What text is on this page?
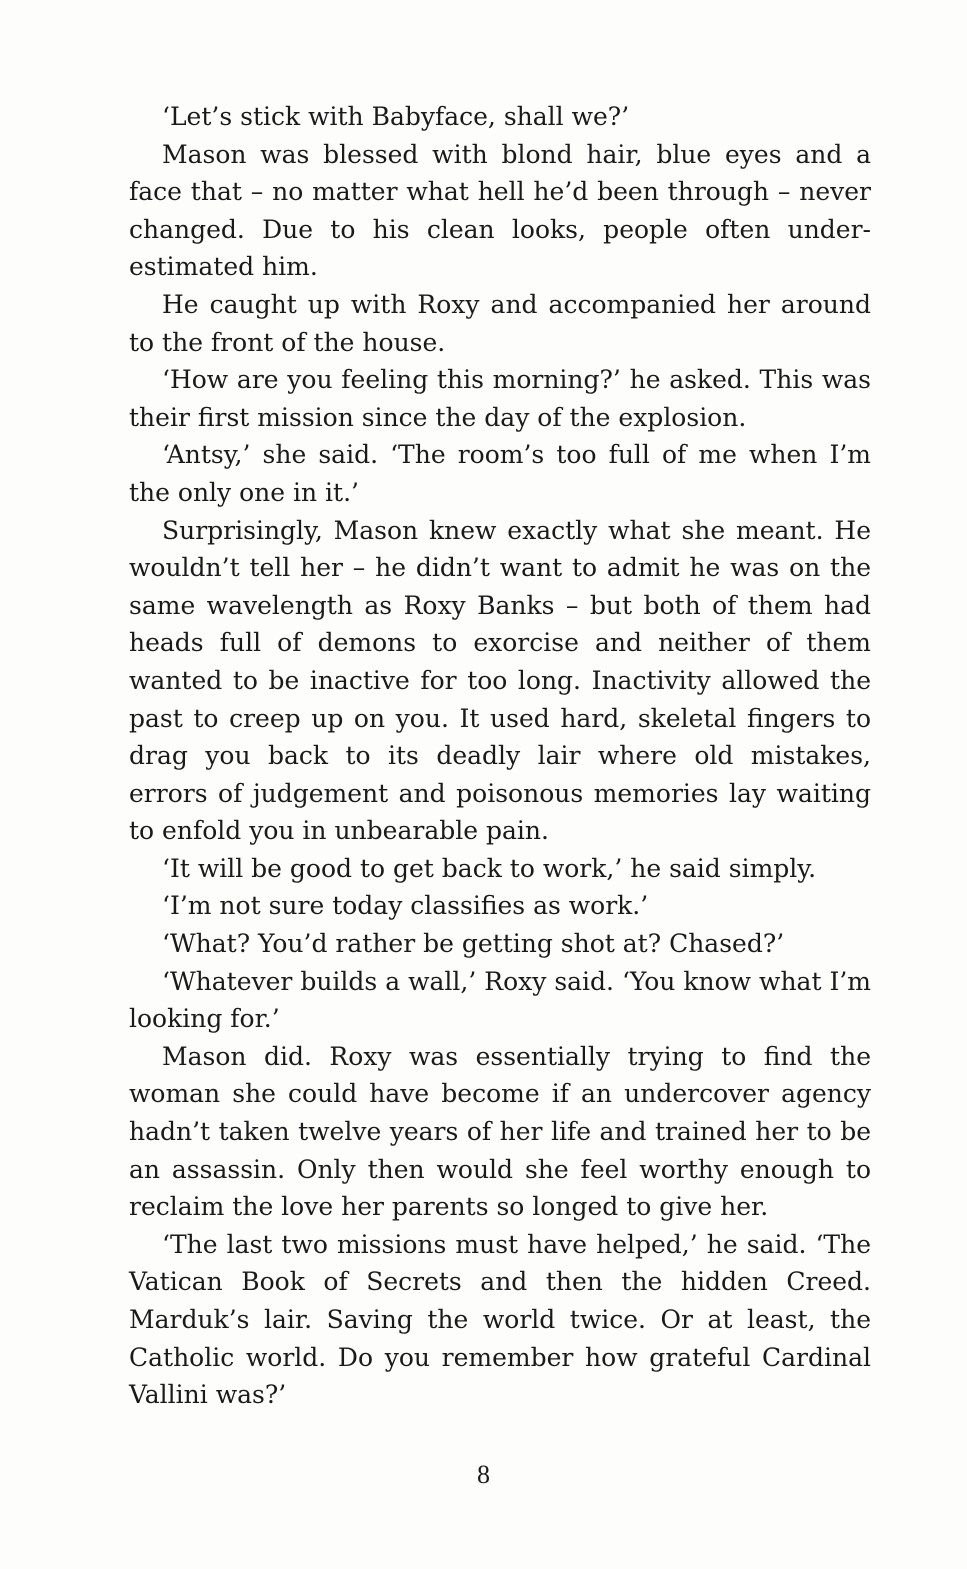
‘Let’s stick with Babyface, shall we?’

Mason was blessed with blond hair, blue eyes and a face that – no matter what hell he’d been through – never changed. Due to his clean looks, people often underestimated him.

He caught up with Roxy and accompanied her around to the front of the house.

‘How are you feeling this morning?’ he asked. This was their first mission since the day of the explosion.

‘Antsy,’ she said. ‘The room’s too full of me when I’m the only one in it.’

Surprisingly, Mason knew exactly what she meant. He wouldn’t tell her – he didn’t want to admit he was on the same wavelength as Roxy Banks – but both of them had heads full of demons to exorcise and neither of them wanted to be inactive for too long. Inactivity allowed the past to creep up on you. It used hard, skeletal fingers to drag you back to its deadly lair where old mistakes, errors of judgement and poisonous memories lay waiting to enfold you in unbearable pain.

‘It will be good to get back to work,’ he said simply.

‘I’m not sure today classifies as work.’

‘What? You’d rather be getting shot at? Chased?’

‘Whatever builds a wall,’ Roxy said. ‘You know what I’m looking for.’

Mason did. Roxy was essentially trying to find the woman she could have become if an undercover agency hadn’t taken twelve years of her life and trained her to be an assassin. Only then would she feel worthy enough to reclaim the love her parents so longed to give her.

‘The last two missions must have helped,’ he said. ‘The Vatican Book of Secrets and then the hidden Creed. Marduk’s lair. Saving the world twice. Or at least, the Catholic world. Do you remember how grateful Cardinal Vallini was?’

8
